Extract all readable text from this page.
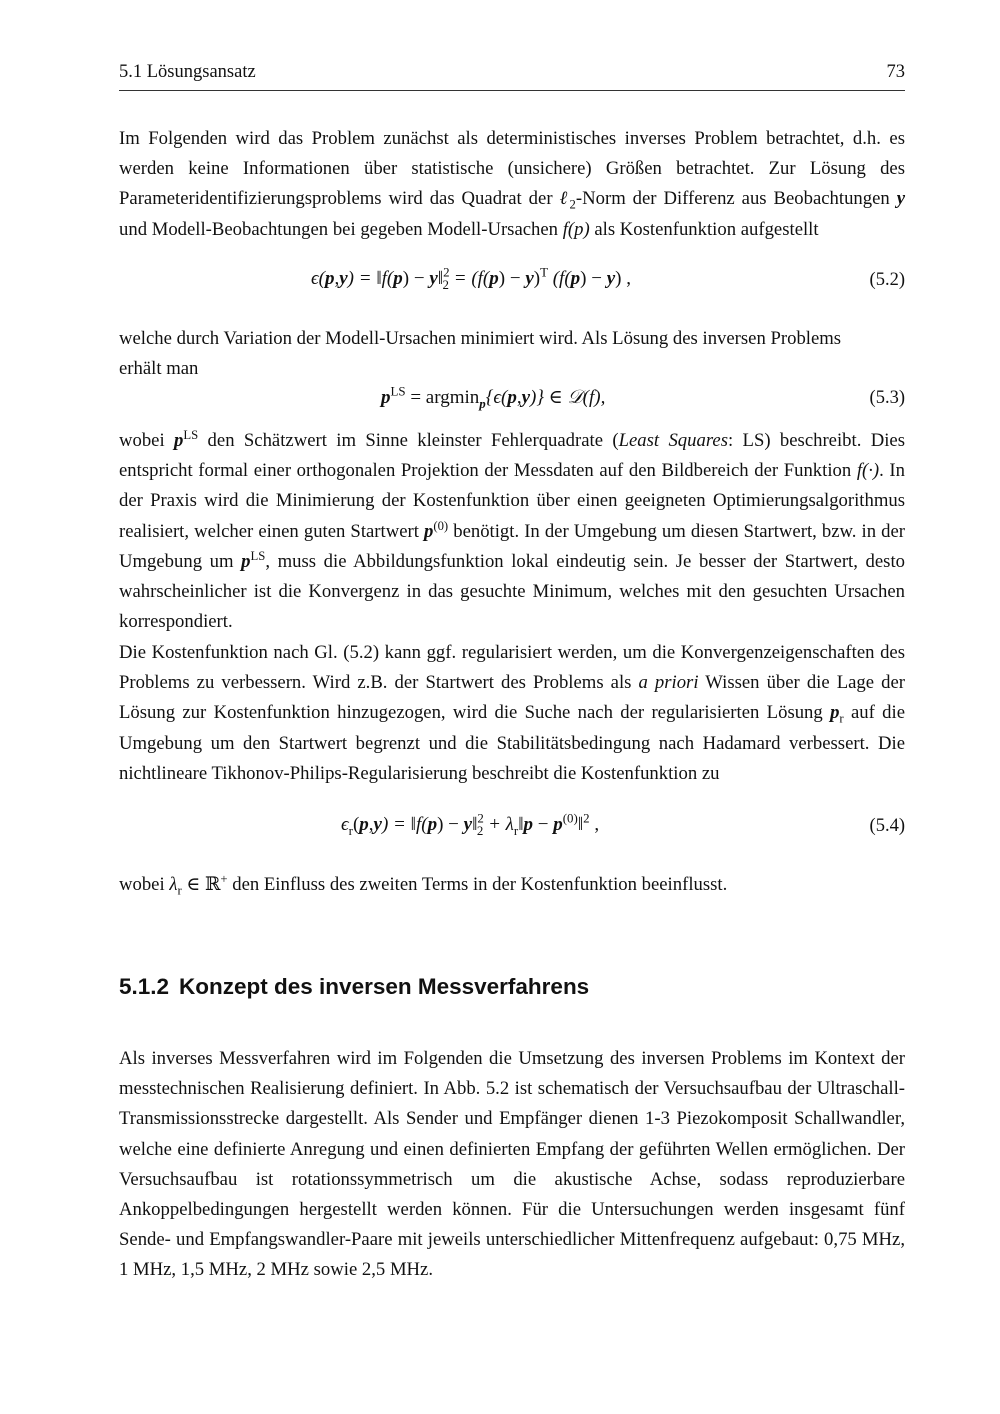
5.1 Lösungsansatz	73

Im Folgenden wird das Problem zunächst als deterministisches inverses Problem betrachtet, d.h. es werden keine Informationen über statistische (unsichere) Größen betrachtet. Zur Lösung des Parameteridentifizierungsproblems wird das Quadrat der ℓ$_2$-Norm der Differenz aus Beobachtungen y und Modell-Beobachtungen bei gegeben Modell-Ursachen f(p) als Kostenfunktion aufgestellt

ϵ(p,y) = ‖f(p) − y‖$^2_2$ = $(f(p) - y)^T$ (f(p) − y) ,	(5.2)

welche durch Variation der Modell-Ursachen minimiert wird. Als Lösung des inversen Problems
erhält man

$p^{LS} = argmin_p\{\epsilon(p,y)\}$ ∈ 𝒟(f),	(5.3)

wobei $p^{LS}$ den Schätzwert im Sinne kleinster Fehlerquadrate (Least Squares: LS) beschreibt. Dies entspricht formal einer orthogonalen Projektion der Messdaten auf den Bildbereich der Funktion f(·). In der Praxis wird die Minimierung der Kostenfunktion über einen geeigneten Optimierungsalgorithmus realisiert, welcher einen guten Startwert $p^{(0)}$ benötigt. In der Umgebung um diesen Startwert, bzw. in der Umgebung um $p^{LS}$, muss die Abbildungsfunktion lokal eindeutig sein. Je besser der Startwert, desto wahrscheinlicher ist die Konvergenz in das gesuchte Minimum, welches mit den gesuchten Ursachen korrespondiert.

Die Kostenfunktion nach Gl. (5.2) kann ggf. regularisiert werden, um die Konvergenzeigenschaften des Problems zu verbessern. Wird z.B. der Startwert des Problems als a priori Wissen über die Lage der Lösung zur Kostenfunktion hinzugezogen, wird die Suche nach der regularisierten Lösung $p_r$ auf die Umgebung um den Startwert begrenzt und die Stabilitätsbedingung nach Hadamard verbessert. Die nichtlineare Tikhonov-Philips-Regularisierung beschreibt die Kostenfunktion zu

$\epsilon_r(p,y)$ = ‖f(p) − y‖$^2_2$ + $\lambda_r‖p$ − $p^{(0)}‖^2$ ,	(5.4)

wobei $\lambda_r$ ∈ ℝ+ den Einfluss des zweiten Terms in der Kostenfunktion beeinflusst.

5.1.2 Konzept des inversen Messverfahrens

Als inverses Messverfahren wird im Folgenden die Umsetzung des inversen Problems im Kontext der messtechnischen Realisierung definiert. In Abb. 5.2 ist schematisch der Versuchsaufbau der Ultraschall-Transmissionsstrecke dargestellt. Als Sender und Empfänger dienen 1-3 Piezokomposit Schallwandler, welche eine definierte Anregung und einen definierten Empfang der geführten Wellen ermöglichen. Der Versuchsaufbau ist rotationssymmetrisch um die akustische Achse, sodass reproduzierbare Ankoppelbedingungen hergestellt werden können. Für die Untersuchungen werden insgesamt fünf Sende- und Empfangswandler-Paare mit jeweils unterschiedlicher Mittenfrequenz aufgebaut: 0,75 MHz, 1 MHz, 1,5 MHz, 2 MHz sowie 2,5 MHz.
